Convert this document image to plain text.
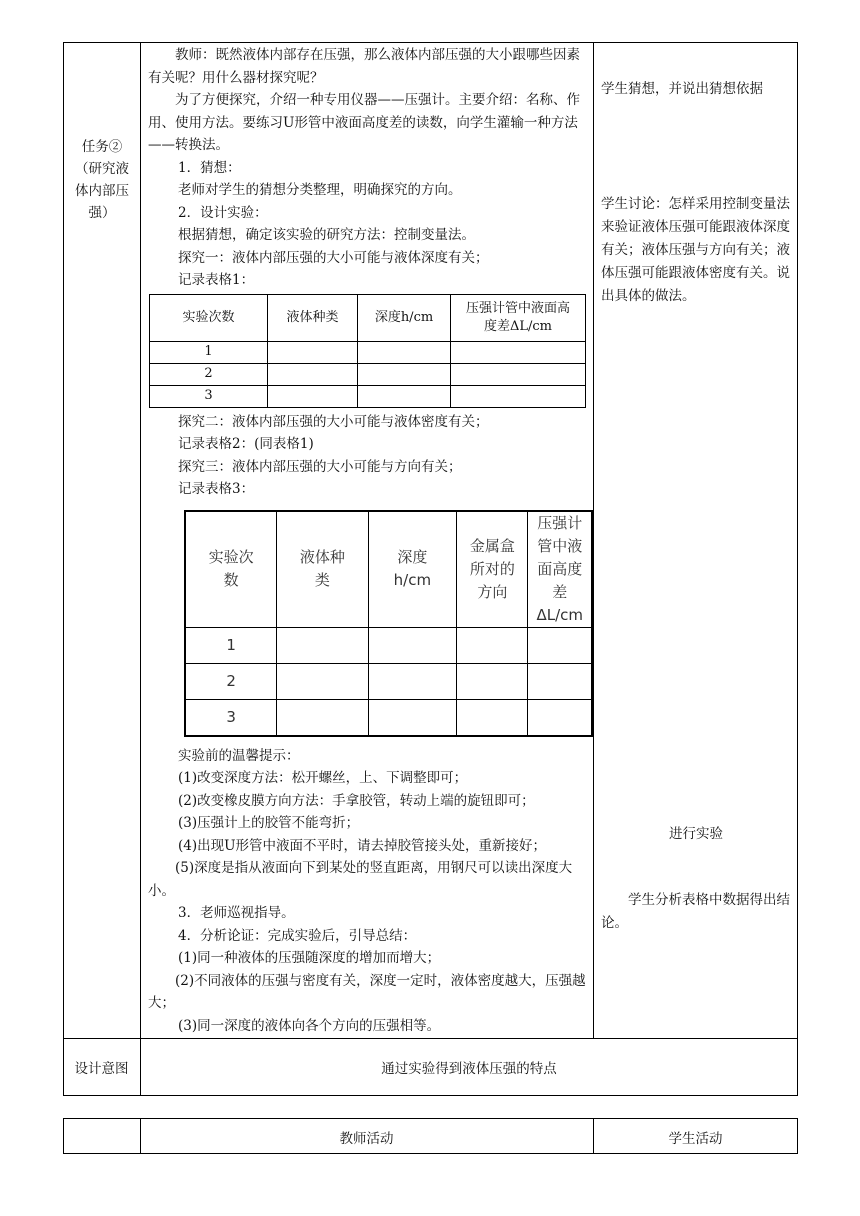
任务②
（研究液
体内部压
强）

教师：既然液体内部存在压强，那么液体内部压强的大小跟哪些因素有关呢？用什么器材探究呢？

为了方便探究，介绍一种专用仪器——压强计。主要介绍：名称、作用、使用方法。要练习U形管中液面高度差的读数，向学生灌输一种方法——转换法。

1．猜想：

老师对学生的猜想分类整理，明确探究的方向。

2．设计实验：

根据猜想，确定该实验的研究方法：控制变量法。

探究一：液体内部压强的大小可能与液体深度有关；

记录表格1：

实验次数	液体种类	深度h/cm	压强计管中液面高度差ΔL/cm
1			
2			
3			

探究二：液体内部压强的大小可能与液体密度有关；

记录表格2：(同表格1)

探究三：液体内部压强的大小可能与方向有关；

记录表格3：

实验次数	液体种类	深度h/cm	金属盒所对的方向	压强计管中液面高度差ΔL/cm
1				
2				
3				

实验前的温馨提示：

(1)改变深度方法：松开螺丝，上、下调整即可；

(2)改变橡皮膜方向方法：手拿胶管，转动上端的旋钮即可；

(3)压强计上的胶管不能弯折；

(4)出现U形管中液面不平时，请去掉胶管接头处，重新接好；

(5)深度是指从液面向下到某处的竖直距离，用钢尺可以读出深度大小。

3．老师巡视指导。

4．分析论证：完成实验后，引导总结：

(1)同一种液体的压强随深度的增加而增大；

(2)不同液体的压强与密度有关，深度一定时，液体密度越大，压强越大；

(3)同一深度的液体向各个方向的压强相等。

学生猜想，并说出猜想依据

学生讨论：怎样采用控制变量法来验证液体压强可能跟液体深度有关；液体压强与方向有关；液体压强可能跟液体密度有关。说出具体的做法。

进行实验

学生分析表格中数据得出结论。

设计意图	通过实验得到液体压强的特点
教师活动	学生活动
